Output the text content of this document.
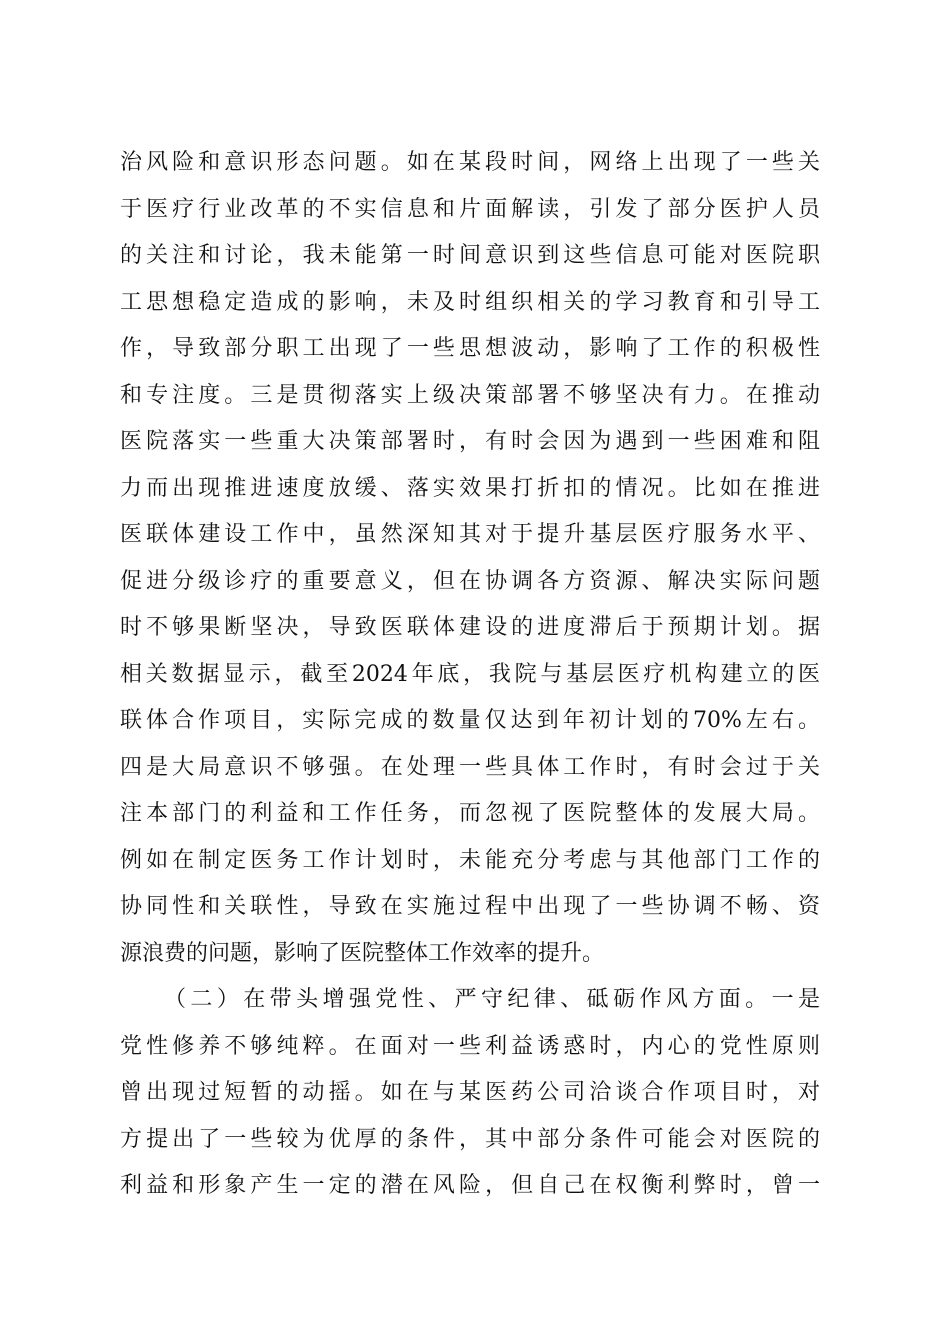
治风险和意识形态问题。如在某段时间，网络上出现了一些关
于医疗行业改革的不实信息和片面解读，引发了部分医护人员
的关注和讨论，我未能第一时间意识到这些信息可能对医院职
工思想稳定造成的影响，未及时组织相关的学习教育和引导工
作，导致部分职工出现了一些思想波动，影响了工作的积极性
和专注度。三是贯彻落实上级决策部署不够坚决有力。在推动
医院落实一些重大决策部署时，有时会因为遇到一些困难和阻
力而出现推进速度放缓、落实效果打折扣的情况。比如在推进
医联体建设工作中，虽然深知其对于提升基层医疗服务水平、
促进分级诊疗的重要意义，但在协调各方资源、解决实际问题
时不够果断坚决，导致医联体建设的进度滞后于预期计划。据
相关数据显示，截至2024年底，我院与基层医疗机构建立的医
联体合作项目，实际完成的数量仅达到年初计划的70%左右。
四是大局意识不够强。在处理一些具体工作时，有时会过于关
注本部门的利益和工作任务，而忽视了医院整体的发展大局。
例如在制定医务工作计划时，未能充分考虑与其他部门工作的
协同性和关联性，导致在实施过程中出现了一些协调不畅、资
源浪费的问题，影响了医院整体工作效率的提升。
（二）在带头增强党性、严守纪律、砥砺作风方面。一是
党性修养不够纯粹。在面对一些利益诱惑时，内心的党性原则
曾出现过短暂的动摇。如在与某医药公司洽谈合作项目时，对
方提出了一些较为优厚的条件，其中部分条件可能会对医院的
利益和形象产生一定的潜在风险，但自己在权衡利弊时，曾一
